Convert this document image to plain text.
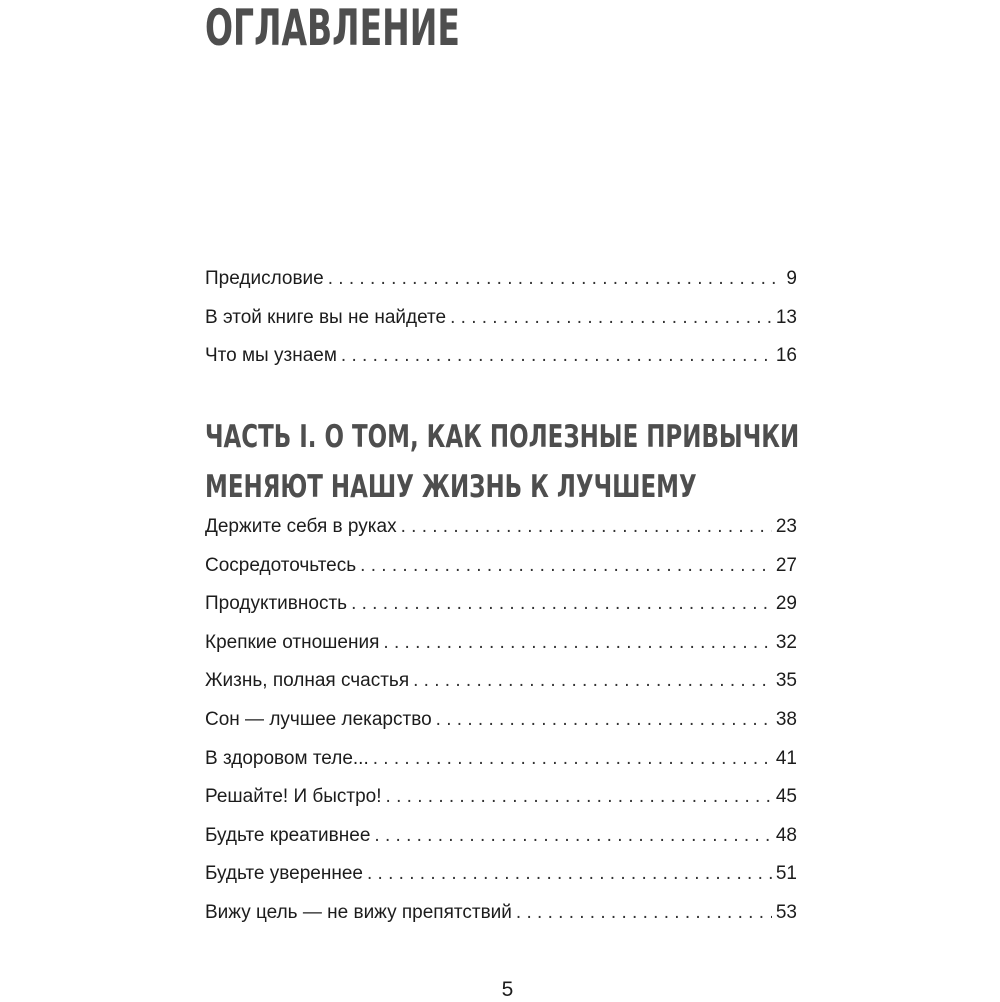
ОГЛАВЛЕНИЕ
Предисловие . . .	9
В этой книге вы не найдете . . .	13
Что мы узнаем . . .	16
ЧАСТЬ I. О ТОМ, КАК ПОЛЕЗНЫЕ ПРИВЫЧКИ
МЕНЯЮТ НАШУ ЖИЗНЬ К ЛУЧШЕМУ
Держите себя в руках . . .	23
Сосредоточьтесь . . .	27
Продуктивность . . .	29
Крепкие отношения . . .	32
Жизнь, полная счастья . . .	35
Сон — лучшее лекарство . . .	38
В здоровом теле... . . .	41
Решайте! И быстро! . . .	45
Будьте креативнее . . .	48
Будьте увереннее . . .	51
Вижу цель — не вижу препятствий . . .	53
5
